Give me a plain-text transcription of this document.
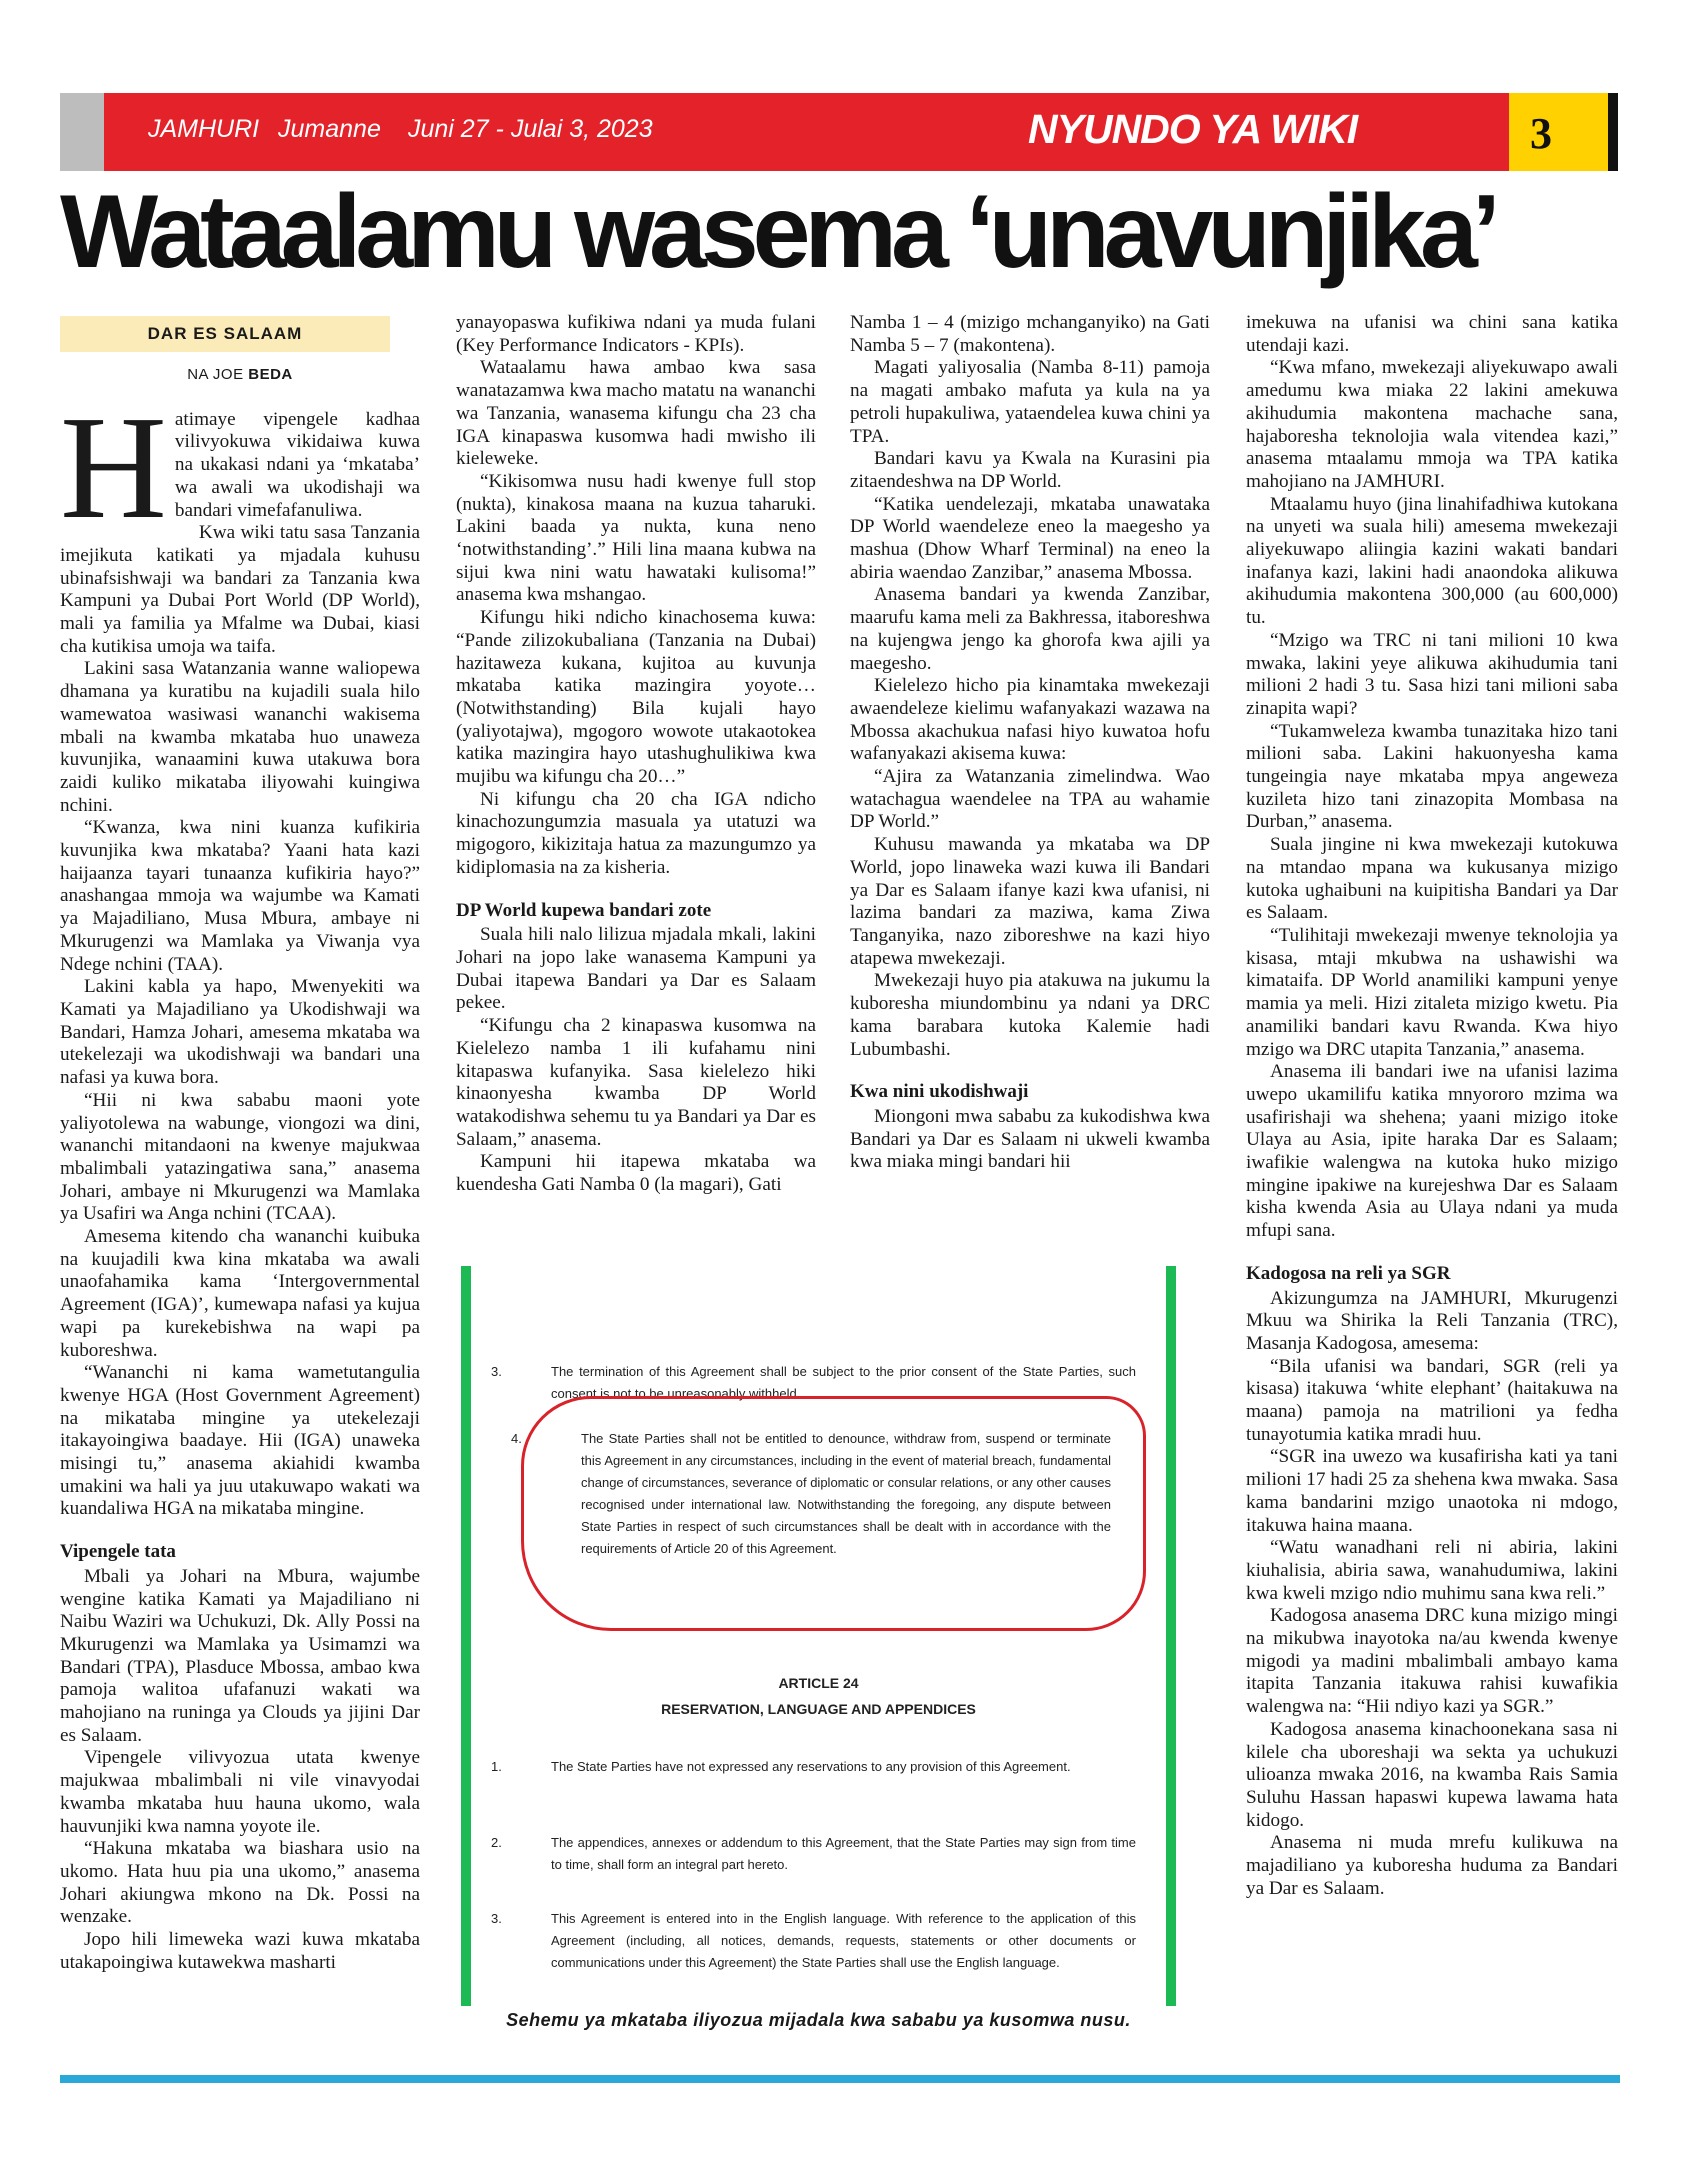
JAMHURI Jumanne Juni 27 - Julai 3, 2023	NYUNDO YA WIKI	3
Wataalamu wasema ‘unavunjika’
DAR ES SALAAM
NA JOE BEDA

Hatimaye vipengele kadhaa vilivyokuwa vikidaiwa kuwa na ukakasi ndani ya ‘mkataba’ wa awali wa ukodishaji wa bandari vimefafanuliwa.

Kwa wiki tatu sasa Tanzania imejikuta katikati ya mjadala kuhusu ubinafsishwaji wa bandari za Tanzania kwa Kampuni ya Dubai Port World (DP World), mali ya familia ya Mfalme wa Dubai, kiasi cha kutikisa umoja wa taifa.

Lakini sasa Watanzania wanne waliopewa dhamana ya kuratibu na kujadili suala hilo wamewatoa wasiwasi wananchi wakisema mbali na kwamba mkataba huo unaweza kuvunjika, wanaamini kuwa utakuwa bora zaidi kuliko mikataba iliyowahi kuingiwa nchini.

“Kwanza, kwa nini kuanza kufikiria kuvunjika kwa mkataba? Yaani hata kazi haijaanza tayari tunaanza kufikiria hayo?” anashangaa mmoja wa wajumbe wa Kamati ya Majadiliano, Musa Mbura, ambaye ni Mkurugenzi wa Mamlaka ya Viwanja vya Ndege nchini (TAA).

Lakini kabla ya hapo, Mwenyekiti wa Kamati ya Majadiliano ya Ukodishwaji wa Bandari, Hamza Johari, amesema mkataba wa utekelezaji wa ukodishwaji wa bandari una nafasi ya kuwa bora.

“Hii ni kwa sababu maoni yote yaliyotolewa na wabunge, viongozi wa dini, wananchi mitandaoni na kwenye majukwaa mbalimbali yatazingatiwa sana,” anasema Johari, ambaye ni Mkurugenzi wa Mamlaka ya Usafiri wa Anga nchini (TCAA).

Amesema kitendo cha wananchi kuibuka na kuujadili kwa kina mkataba wa awali unaofahamika kama ‘Intergovernmental Agreement (IGA)’, kumewapa nafasi ya kujua wapi pa kurekebishwa na wapi pa kuboreshwa.

“Wananchi ni kama wametutangulia kwenye HGA (Host Government Agreement) na mikataba mingine ya utekelezaji itakayoingiwa baadaye. Hii (IGA) unaweka misingi tu,” anasema akiahidi kwamba umakini wa hali ya juu utakuwapo wakati wa kuandaliwa HGA na mikataba mingine.

Vipengele tata

Mbali ya Johari na Mbura, wajumbe wengine katika Kamati ya Majadiliano ni Naibu Waziri wa Uchukuzi, Dk. Ally Possi na Mkurugenzi wa Mamlaka ya Usimamzi wa Bandari (TPA), Plasduce Mbossa, ambao kwa pamoja walitoa ufafanuzi wakati wa mahojiano na runinga ya Clouds ya jijini Dar es Salaam.

Vipengele vilivyozua utata kwenye majukwaa mbalimbali ni vile vinavyodai kwamba mkataba huu hauna ukomo, wala hauvunjiki kwa namna yoyote ile.

“Hakuna mkataba wa biashara usio na ukomo. Hata huu pia una ukomo,” anasema Johari akiungwa mkono na Dk. Possi na wenzake.

Jopo hili limeweka wazi kuwa mkataba utakapoingiwa kutawekwa masharti

yanayopaswa kufikiwa ndani ya muda fulani (Key Performance Indicators - KPIs).

Wataalamu hawa ambao kwa sasa wanatazamwa kwa macho matatu na wananchi wa Tanzania, wanasema kifungu cha 23 cha IGA kinapaswa kusomwa hadi mwisho ili kieleweke.

“Kikisomwa nusu hadi kwenye full stop (nukta), kinakosa maana na kuzua taharuki. Lakini baada ya nukta, kuna neno ‘notwithstanding’.” Hili lina maana kubwa na sijui kwa nini watu hawataki kulisoma!” anasema kwa mshangao.

Kifungu hiki ndicho kinachosema kuwa: “Pande zilizokubaliana (Tanzania na Dubai) hazitaweza kukana, kujitoa au kuvunja mkataba katika mazingira yoyote… (Notwithstanding) Bila kujali hayo (yaliyotajwa), mgogoro wowote utakaotokea katika mazingira hayo utashughulikiwa kwa mujibu wa kifungu cha 20…”

Ni kifungu cha 20 cha IGA ndicho kinachozungumzia masuala ya utatuzi wa migogoro, kikizitaja hatua za mazungumzo ya kidiplomasia na za kisheria.

DP World kupewa bandari zote

Suala hili nalo lilizua mjadala mkali, lakini Johari na jopo lake wanasema Kampuni ya Dubai itapewa Bandari ya Dar es Salaam pekee.

“Kifungu cha 2 kinapaswa kusomwa na Kielelezo namba 1 ili kufahamu nini kitapaswa kufanyika. Sasa kielelezo hiki kinaonyesha kwamba DP World watakodishwa sehemu tu ya Bandari ya Dar es Salaam,” anasema.

Kampuni hii itapewa mkataba wa kuendesha Gati Namba 0 (la magari), Gati

Namba 1 – 4 (mizigo mchanganyiko) na Gati Namba 5 – 7 (makontena).

Magati yaliyosalia (Namba 8-11) pamoja na magati ambako mafuta ya kula na ya petroli hupakuliwa, yataendelea kuwa chini ya TPA.

Bandari kavu ya Kwala na Kurasini pia zitaendeshwa na DP World.

“Katika uendelezaji, mkataba unawataka DP World waendeleze eneo la maegesho ya mashua (Dhow Wharf Terminal) na eneo la abiria waendao Zanzibar,” anasema Mbossa.

Anasema bandari ya kwenda Zanzibar, maarufu kama meli za Bakhressa, itaboreshwa na kujengwa jengo ka ghorofa kwa ajili ya maegesho.

Kielelezo hicho pia kinamtaka mwekezaji awaendeleze kielimu wafanyakazi wazawa na Mbossa akachukua nafasi hiyo kuwatoa hofu wafanyakazi akisema kuwa:

“Ajira za Watanzania zimelindwa. Wao watachagua waendelee na TPA au wahamie DP World.”

Kuhusu mawanda ya mkataba wa DP World, jopo linaweka wazi kuwa ili Bandari ya Dar es Salaam ifanye kazi kwa ufanisi, ni lazima bandari za maziwa, kama Ziwa Tanganyika, nazo ziboreshwe na kazi hiyo atapewa mwekezaji.

Mwekezaji huyo pia atakuwa na jukumu la kuboresha miundombinu ya ndani ya DRC kama barabara kutoka Kalemie hadi Lubumbashi.

Kwa nini ukodishwaji

Miongoni mwa sababu za kukodishwa kwa Bandari ya Dar es Salaam ni ukweli kwamba kwa miaka mingi bandari hii

imekuwa na ufanisi wa chini sana katika utendaji kazi.

“Kwa mfano, mwekezaji aliyekuwapo awali amedumu kwa miaka 22 lakini amekuwa akihudumia makontena machache sana, hajaboresha teknolojia wala vitendea kazi,” anasema mtaalamu mmoja wa TPA katika mahojiano na JAMHURI.

Mtaalamu huyo (jina linahifadhiwa kutokana na unyeti wa suala hili) amesema mwekezaji aliyekuwapo aliingia kazini wakati bandari inafanya kazi, lakini hadi anaondoka alikuwa akihudumia makontena 300,000 (au 600,000) tu.

“Mzigo wa TRC ni tani milioni 10 kwa mwaka, lakini yeye alikuwa akihudumia tani milioni 2 hadi 3 tu. Sasa hizi tani milioni saba zinapita wapi?

“Tukamweleza kwamba tunazitaka hizo tani milioni saba. Lakini hakuonyesha kama tungeingia naye mkataba mpya angeweza kuzileta hizo tani zinazopita Mombasa na Durban,” anasema.

Suala jingine ni kwa mwekezaji kutokuwa na mtandao mpana wa kukusanya mizigo kutoka ughaibuni na kuipitisha Bandari ya Dar es Salaam.

“Tulihitaji mwekezaji mwenye teknolojia ya kisasa, mtaji mkubwa na ushawishi wa kimataifa. DP World anamiliki kampuni yenye mamia ya meli. Hizi zitaleta mizigo kwetu. Pia anamiliki bandari kavu Rwanda. Kwa hiyo mzigo wa DRC utapita Tanzania,” anasema.

Anasema ili bandari iwe na ufanisi lazima uwepo ukamilifu katika mnyororo mzima wa usafirishaji wa shehena; yaani mizigo itoke Ulaya au Asia, ipite haraka Dar es Salaam; iwafikie walengwa na kutoka huko mizigo mingine ipakiwe na kurejeshwa Dar es Salaam kisha kwenda Asia au Ulaya ndani ya muda mfupi sana.

Kadogosa na reli ya SGR

Akizungumza na JAMHURI, Mkurugenzi Mkuu wa Shirika la Reli Tanzania (TRC), Masanja Kadogosa, amesema:

“Bila ufanisi wa bandari, SGR (reli ya kisasa) itakuwa ‘white elephant’ (haitakuwa na maana) pamoja na matrilioni ya fedha tunayotumia katika mradi huu.

“SGR ina uwezo wa kusafirisha kati ya tani milioni 17 hadi 25 za shehena kwa mwaka. Sasa kama bandarini mzigo unaotoka ni mdogo, itakuwa haina maana.

“Watu wanadhani reli ni abiria, lakini kiuhalisia, abiria sawa, wanahudumiwa, lakini kwa kweli mzigo ndio muhimu sana kwa reli.”

Kadogosa anasema DRC kuna mizigo mingi na mikubwa inayotoka na/au kwenda kwenye migodi ya madini mbalimbali ambayo kama itapita Tanzania itakuwa rahisi kuwafikia walengwa na: “Hii ndiyo kazi ya SGR.”

Kadogosa anasema kinachoonekana sasa ni kilele cha uboreshaji wa sekta ya uchukuzi ulioanza mwaka 2016, na kwamba Rais Samia Suluhu Hassan hapaswi kupewa lawama hata kidogo.

Anasema ni muda mrefu kulikuwa na majadiliano ya kuboresha huduma za Bandari ya Dar es Salaam.

3.	The termination of this Agreement shall be subject to the prior consent of the State Parties, such consent is not to be unreasonably withheld.
4.	The State Parties shall not be entitled to denounce, withdraw from, suspend or terminate this Agreement in any circumstances, including in the event of material breach, fundamental change of circumstances, severance of diplomatic or consular relations, or any other causes recognised under international law. Notwithstanding the foregoing, any dispute between State Parties in respect of such circumstances shall be dealt with in accordance with the requirements of Article 20 of this Agreement.
ARTICLE 24
RESERVATION, LANGUAGE AND APPENDICES
1.	The State Parties have not expressed any reservations to any provision of this Agreement.
2.	The appendices, annexes or addendum to this Agreement, that the State Parties may sign from time to time, shall form an integral part hereto.
3.	This Agreement is entered into in the English language. With reference to the application of this Agreement (including, all notices, demands, requests, statements or other documents or communications under this Agreement) the State Parties shall use the English language.
Sehemu ya mkataba iliyozua mijadala kwa sababu ya kusomwa nusu.
